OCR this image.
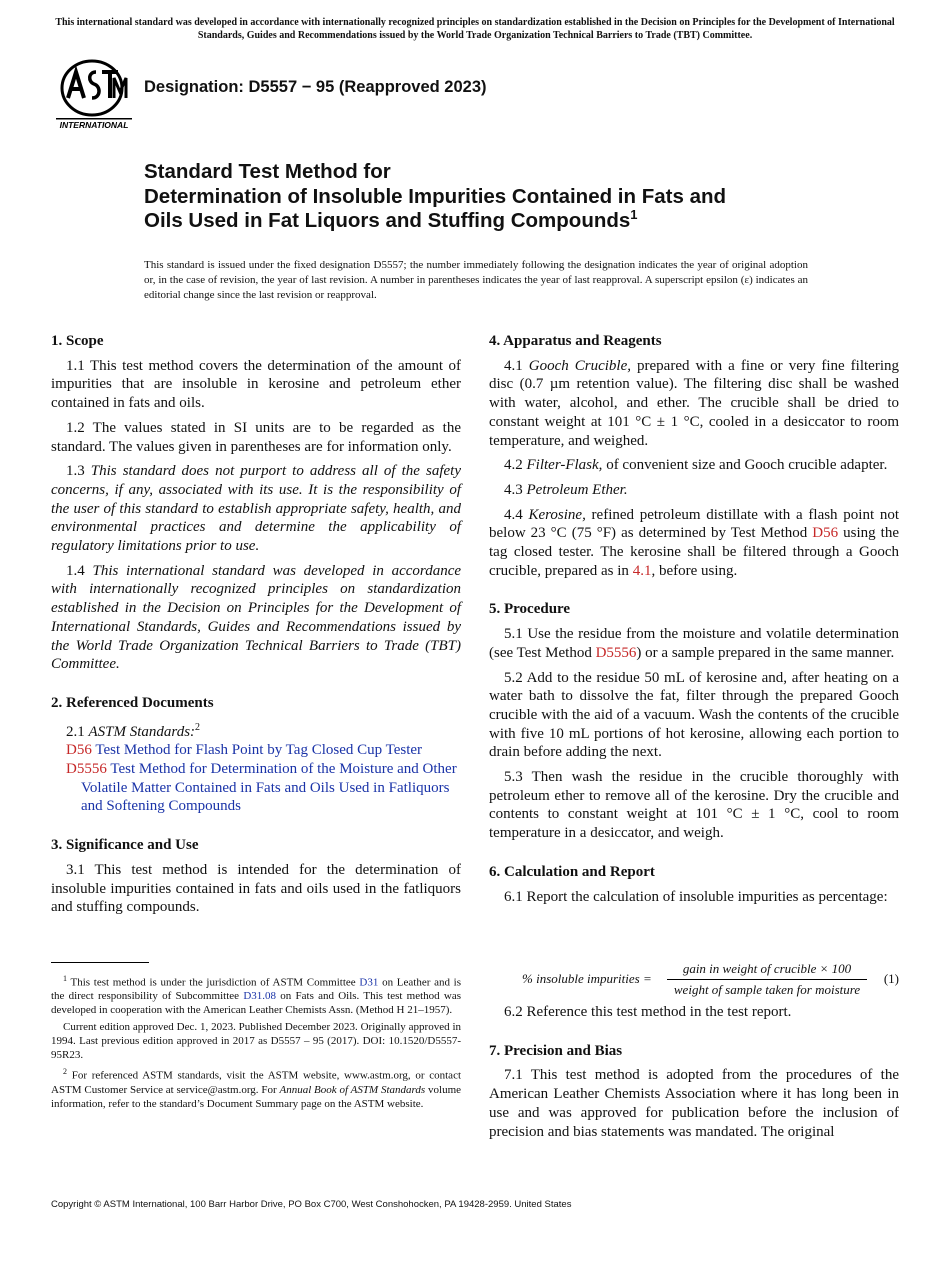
This international standard was developed in accordance with internationally recognized principles on standardization established in the Decision on Principles for the Development of International Standards, Guides and Recommendations issued by the World Trade Organization Technical Barriers to Trade (TBT) Committee.
INTERNATIONAL
Designation: D5557 − 95 (Reapproved 2023)
Standard Test Method for
Determination of Insoluble Impurities Contained in Fats and
Oils Used in Fat Liquors and Stuffing Compounds$^1$
This standard is issued under the fixed designation D5557; the number immediately following the designation indicates the year of original adoption or, in the case of revision, the year of last revision. A number in parentheses indicates the year of last reapproval. A superscript epsilon (ε) indicates an editorial change since the last revision or reapproval.
1. Scope

1.1 This test method covers the determination of the amount of impurities that are insoluble in kerosine and petroleum ether contained in fats and oils.

1.2 The values stated in SI units are to be regarded as the standard. The values given in parentheses are for information only.

1.3 This standard does not purport to address all of the safety concerns, if any, associated with its use. It is the responsibility of the user of this standard to establish appropriate safety, health, and environmental practices and determine the applicability of regulatory limitations prior to use.

1.4 This international standard was developed in accordance with internationally recognized principles on standardization established in the Decision on Principles for the Development of International Standards, Guides and Recommendations issued by the World Trade Organization Technical Barriers to Trade (TBT) Committee.

2. Referenced Documents

2.1 ASTM Standards:$^2$

D56 Test Method for Flash Point by Tag Closed Cup Tester
D5556 Test Method for Determination of the Moisture and Other Volatile Matter Contained in Fats and Oils Used in Fatliquors and Softening Compounds
3. Significance and Use

3.1 This test method is intended for the determination of insoluble impurities contained in fats and oils used in the fatliquors and stuffing compounds.

$^1$ This test method is under the jurisdiction of ASTM Committee D31 on Leather and is the direct responsibility of Subcommittee D31.08 on Fats and Oils. This test method was developed in cooperation with the American Leather Chemists Assn. (Method H 21–1957).

Current edition approved Dec. 1, 2023. Published December 2023. Originally approved in 1994. Last previous edition approved in 2017 as D5557 – 95 (2017). DOI: 10.1520/D5557-95R23.

$^2$ For referenced ASTM standards, visit the ASTM website, www.astm.org, or contact ASTM Customer Service at service@astm.org. For Annual Book of ASTM Standards volume information, refer to the standard’s Document Summary page on the ASTM website.

4. Apparatus and Reagents

4.1 Gooch Crucible, prepared with a fine or very fine filtering disc (0.7 µm retention value). The filtering disc shall be washed with water, alcohol, and ether. The crucible shall be dried to constant weight at 101 °C ± 1 °C, cooled in a desiccator to room temperature, and weighed.

4.2 Filter-Flask, of convenient size and Gooch crucible adapter.

4.3 Petroleum Ether.

4.4 Kerosine, refined petroleum distillate with a flash point not below 23 °C (75 °F) as determined by Test Method D56 using the tag closed tester. The kerosine shall be filtered through a Gooch crucible, prepared as in 4.1, before using.

5. Procedure

5.1 Use the residue from the moisture and volatile determination (see Test Method D5556) or a sample prepared in the same manner.

5.2 Add to the residue 50 mL of kerosine and, after heating on a water bath to dissolve the fat, filter through the prepared Gooch crucible with the aid of a vacuum. Wash the contents of the crucible with five 10 mL portions of hot kerosine, allowing each portion to drain before adding the next.

5.3 Then wash the residue in the crucible thoroughly with petroleum ether to remove all of the kerosine. Dry the crucible and contents to constant weight at 101 °C ± 1 °C, cool to room temperature in a desiccator, and weigh.

6. Calculation and Report

6.1 Report the calculation of insoluble impurities as percentage:

% insoluble impurities =
gain in weight of crucible × 100
weight of sample taken for moisture
(1)

6.2 Reference this test method in the test report.

7. Precision and Bias

7.1 This test method is adopted from the procedures of the American Leather Chemists Association where it has long been in use and was approved for publication before the inclusion of precision and bias statements was mandated. The original

Copyright © ASTM International, 100 Barr Harbor Drive, PO Box C700, West Conshohocken, PA 19428-2959. United States
